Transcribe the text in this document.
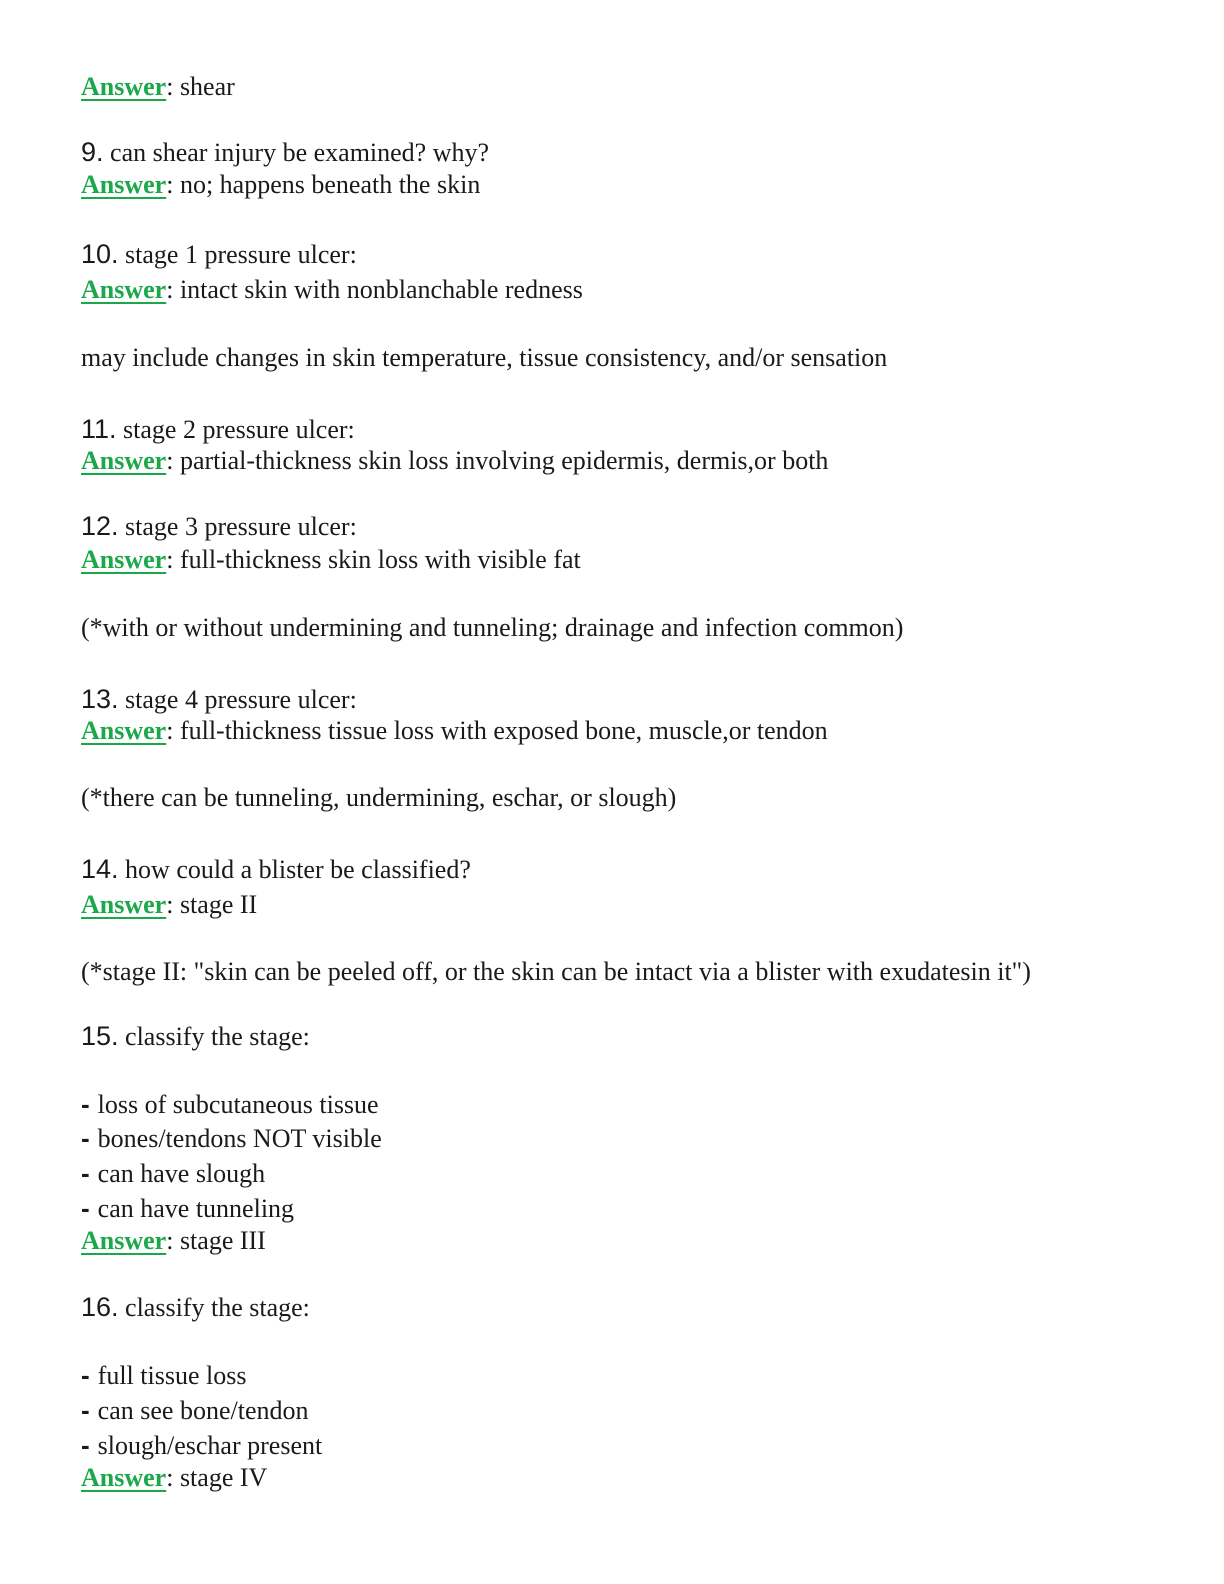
Answer: shear
9. can shear injury be examined? why?
Answer: no; happens beneath the skin
10. stage 1 pressure ulcer:
Answer: intact skin with nonblanchable redness
may include changes in skin temperature, tissue consistency, and/or sensation
11. stage 2 pressure ulcer:
Answer: partial-thickness skin loss involving epidermis, dermis,or both
12. stage 3 pressure ulcer:
Answer: full-thickness skin loss with visible fat
(*with or without undermining and tunneling; drainage and infection common)
13. stage 4 pressure ulcer:
Answer: full-thickness tissue loss with exposed bone, muscle,or tendon
(*there can be tunneling, undermining, eschar, or slough)
14. how could a blister be classified?
Answer: stage II
(*stage II: "skin can be peeled off, or the skin can be intact via a blister with exudatesin it")
15. classify the stage:
- loss of subcutaneous tissue
- bones/tendons NOT visible
- can have slough
- can have tunneling
Answer: stage III
16. classify the stage:
- full tissue loss
- can see bone/tendon
- slough/eschar present
Answer: stage IV
